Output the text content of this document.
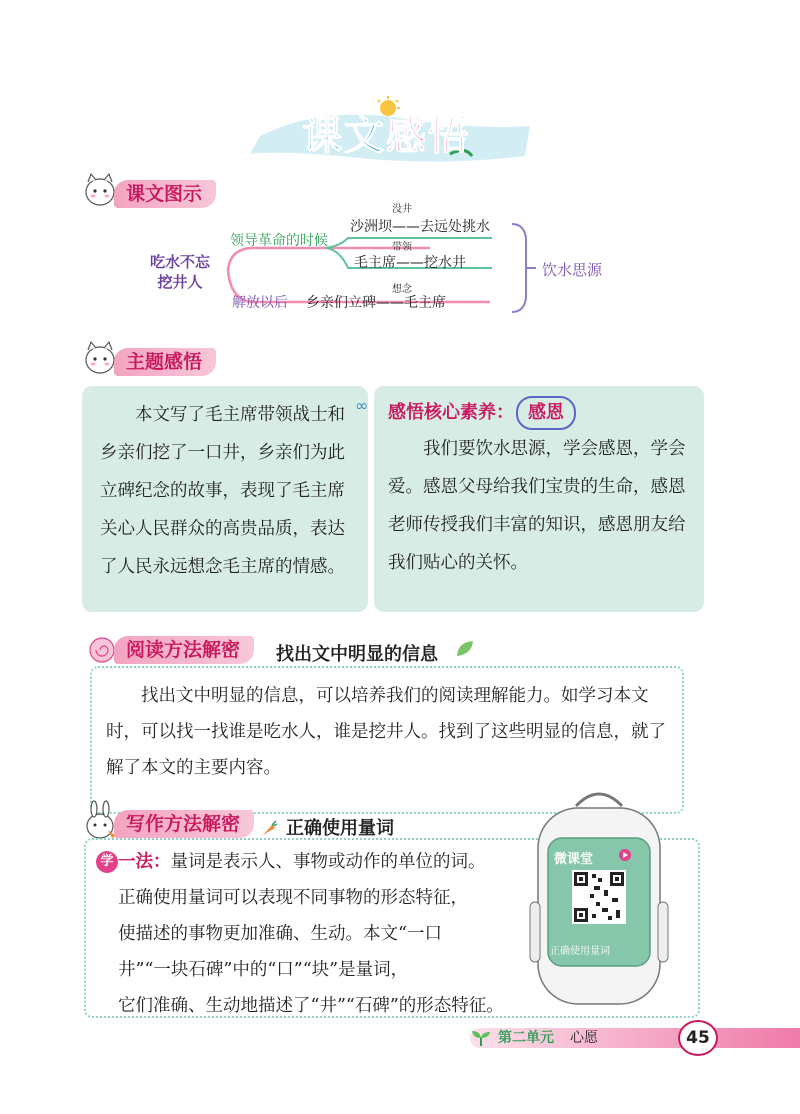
课文感悟
课文图示
吃水不忘
挖井人
领导革命的时候
解放以后
没井
沙洲坝——去远处挑水
带领
毛主席——挖水井
想念
乡亲们立碑——毛主席
饮水思源
主题感悟

本文写了毛主席带领战士和乡亲们挖了一口井，乡亲们为此立碑纪念的故事，表现了毛主席关心人民群众的高贵品质，表达了人民永远想念毛主席的情感。

∞ 感悟核心素养： 感恩

我们要饮水思源，学会感恩，学会爱。感恩父母给我们宝贵的生命，感恩老师传授我们丰富的知识，感恩朋友给我们贴心的关怀。

阅读方法解密	找出文中明显的信息

找出文中明显的信息，可以培养我们的阅读理解能力。如学习本文时，可以找一找谁是吃水人，谁是挖井人。找到了这些明显的信息，就了解了本文的主要内容。

写作方法解密	正确使用量词
学 一法：量词是表示人、事物或动作的单位的词。
正确使用量词可以表现不同事物的形态特征，
使描述的事物更加准确、生动。本文“一口
井”“一块石碑”中的“口”“块”是量词，
它们准确、生动地描述了“井”“石碑”的形态特征。
微课堂
正确使用量词
第二单元 心愿	45
